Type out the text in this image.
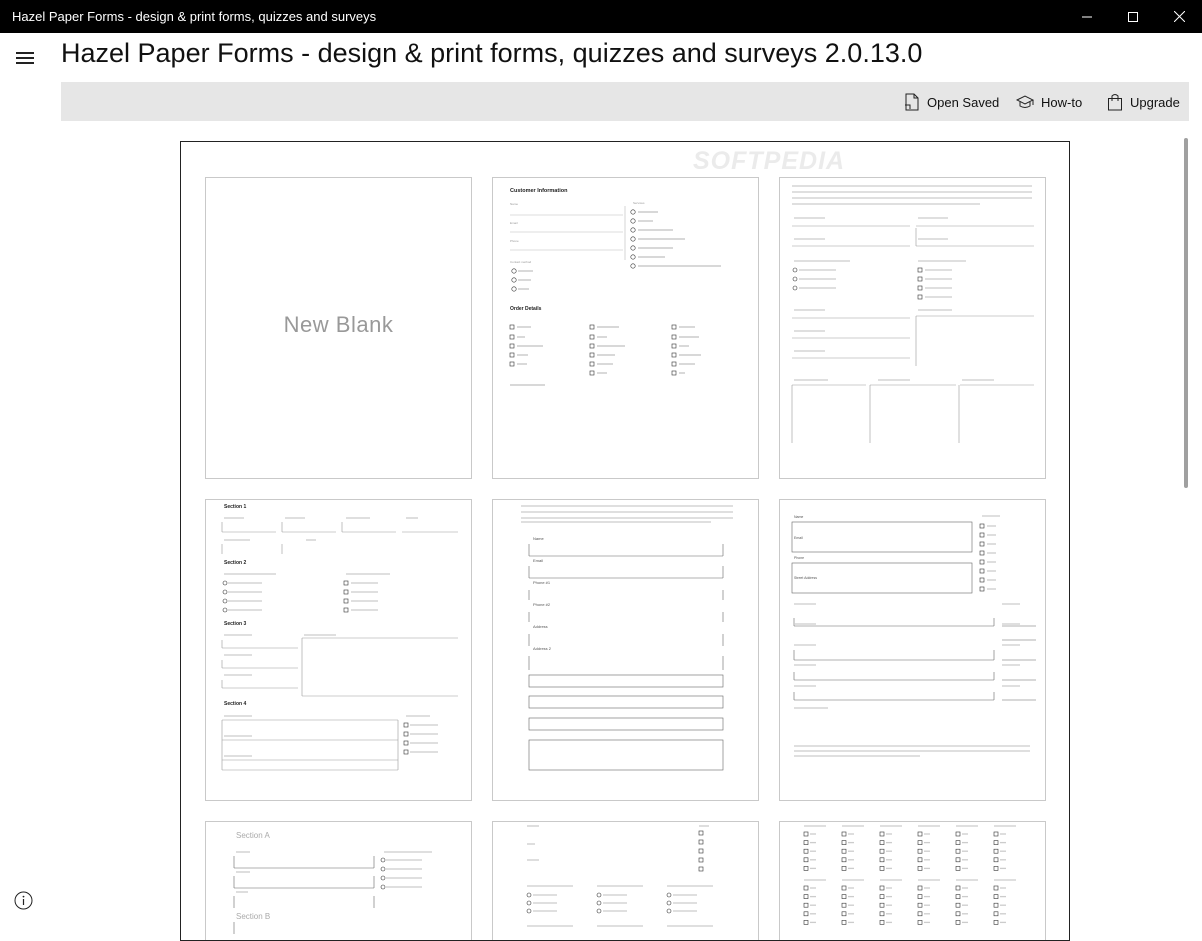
Hazel Paper Forms - design & print forms, quizzes and surveys
Hazel Paper Forms - design & print forms, quizzes and surveys 2.0.13.0
Open Saved	How-to	Upgrade
SOFTPEDIA
New Blank
Customer Information
Name
Email
Phone
Contact method
Services
Order Details
Section 1
Section 2
Section 3
Section 4
Name
Email
Phone #1
Phone #2
Address
Address 2
Name
Email
Phone
Street Address
Section A
Section B
